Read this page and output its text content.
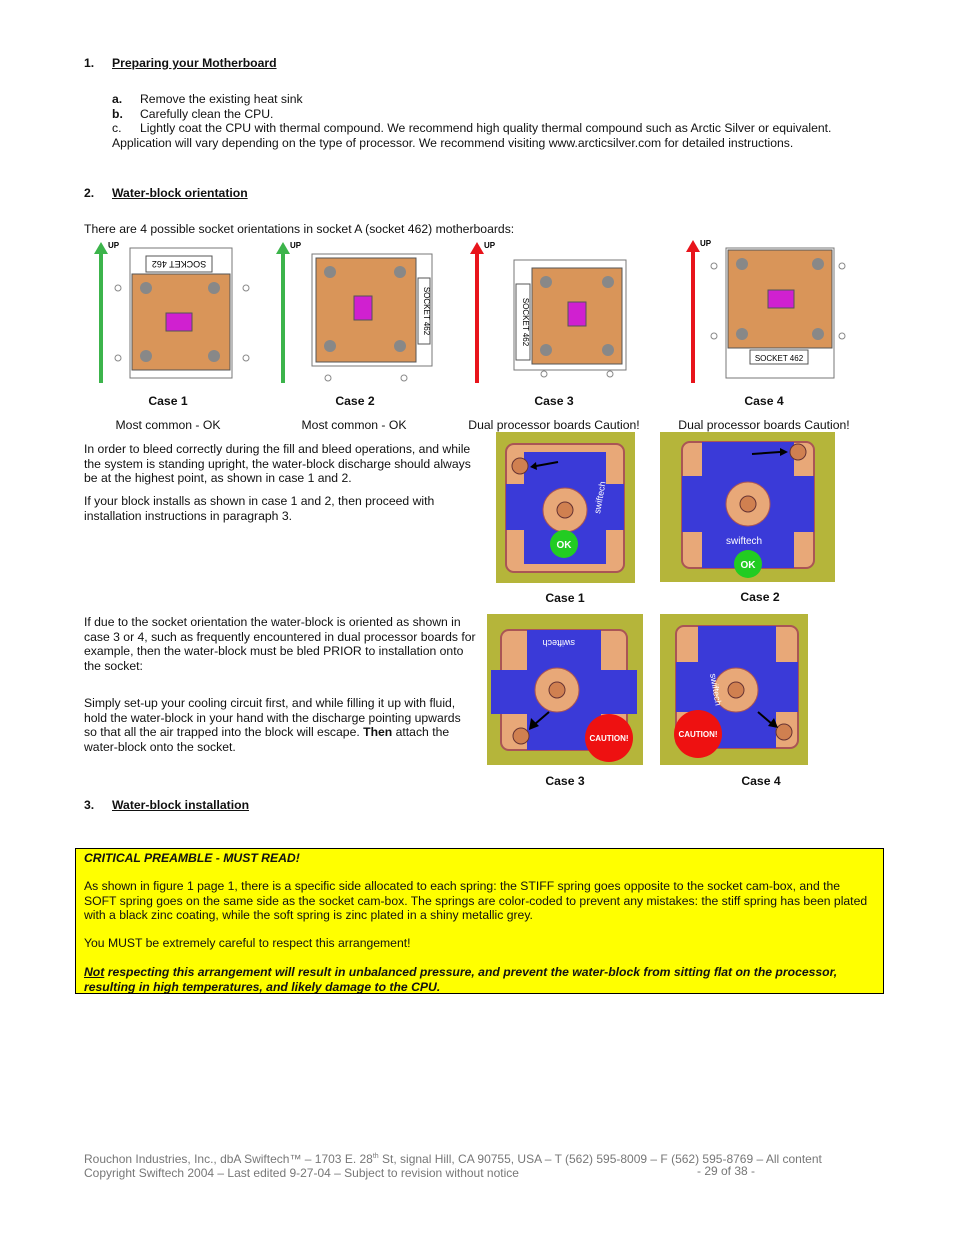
1. Preparing your Motherboard

a. Remove the existing heat sink

b. Carefully clean the CPU.

c. Lightly coat the CPU with thermal compound. We recommend high quality thermal compound such as Arctic Silver or equivalent.

Application will vary depending on the type of processor. We recommend visiting www.arcticsilver.com for detailed instructions.

2. Water-block orientation

There are 4 possible socket orientations in socket A (socket 462) motherboards:

UP
SOCKET 462
UP
SOCKET 462
UP
SOCKET 462
UP
SOCKET 462
Case 1	Case 2	Case 3	Case 4
Most common - OK	Most common - OK	Dual processor boards Caution!	Dual processor boards Caution!

In order to bleed correctly during the fill and bleed operations, and while the system is standing upright, the water-block discharge should always be at the highest point, as shown in case 1 and 2.

If your block installs as shown in case 1 and 2, then proceed with installation instructions in paragraph 3.

If due to the socket orientation the water-block is oriented as shown in case 3 or 4, such as frequently encountered in dual processor boards for example, then the water-block must be bled PRIOR to installation onto the socket:

Simply set-up your cooling circuit first, and while filling it up with fluid, hold the water-block in your hand with the discharge pointing upwards so that all the air trapped into the block will escape. Then attach the water-block onto the socket.

swiftech
OK	swiftech
OK
Case 1	Case 2
swiftech
CAUTION!
swiftech
CAUTION!
Case 3	Case 4
3. Water-block installation

CRITICAL PREAMBLE - MUST READ!

As shown in figure 1 page 1, there is a specific side allocated to each spring: the STIFF spring goes opposite to the socket cam-box, and the SOFT spring goes on the same side as the socket cam-box. The springs are color-coded to prevent any mistakes: the stiff spring has been plated with a black zinc coating, while the soft spring is zinc plated in a shiny metallic grey.

You MUST be extremely careful to respect this arrangement!

Not respecting this arrangement will result in unbalanced pressure, and prevent the water-block from sitting flat on the processor, resulting in high temperatures, and likely damage to the CPU.

Rouchon Industries, Inc., dbA Swiftech™ – 1703 E. 28th St, signal Hill, CA 90755, USA – T (562) 595-8009 – F (562) 595-8769 – All content
Copyright Swiftech 2004 – Last edited 9-27-04 – Subject to revision without notice	- 29 of 38 -
